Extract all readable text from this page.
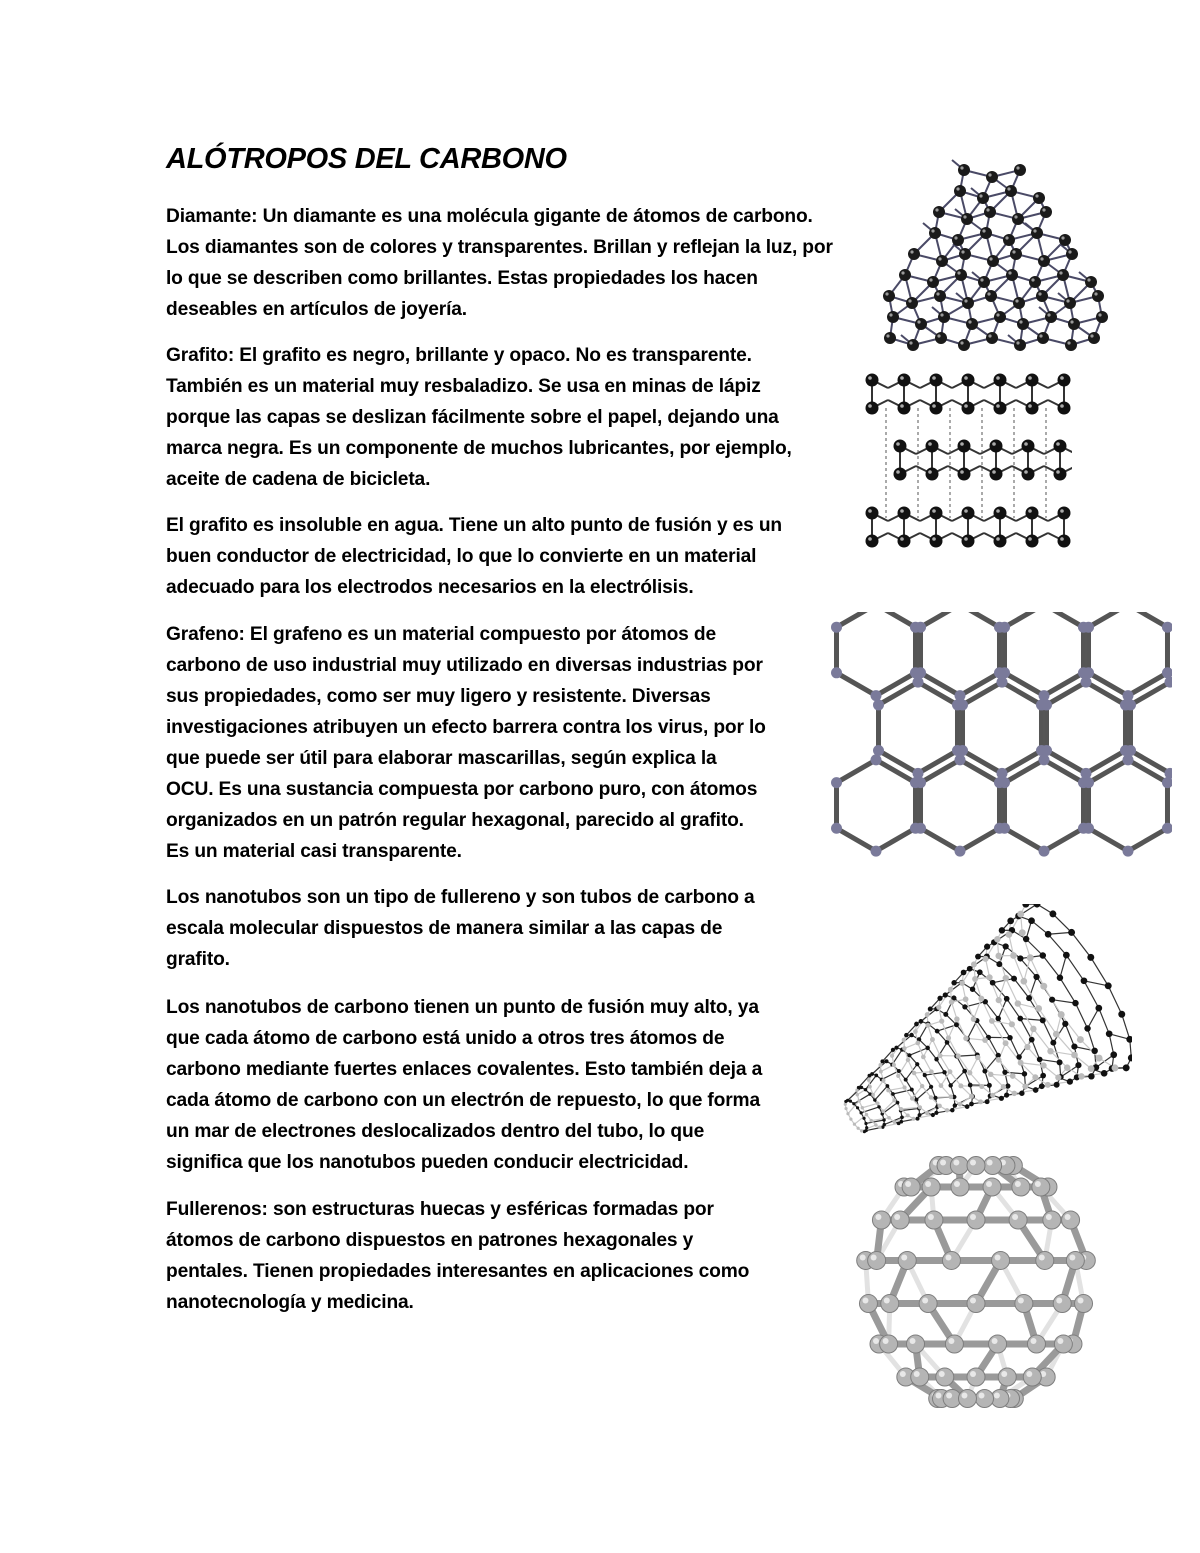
ALÓTROPOS DEL CARBONO
Diamante: Un diamante es una molécula gigante de átomos de carbono.
Los diamantes son de colores y transparentes. Brillan y reflejan la luz, por
lo que se describen como brillantes. Estas propiedades los hacen
deseables en artículos de joyería.
Grafito: El grafito es negro, brillante y opaco. No es transparente.
También es un material muy resbaladizo. Se usa en minas de lápiz
porque las capas se deslizan fácilmente sobre el papel, dejando una
marca negra. Es un componente de muchos lubricantes, por ejemplo,
aceite de cadena de bicicleta.
El grafito es insoluble en agua. Tiene un alto punto de fusión y es un
buen conductor de electricidad, lo que lo convierte en un material
adecuado para los electrodos necesarios en la electrólisis.
Grafeno: El grafeno es un material compuesto por átomos de
carbono de uso industrial muy utilizado en diversas industrias por
sus propiedades, como ser muy ligero y resistente. Diversas
investigaciones atribuyen un efecto barrera contra los virus, por lo
que puede ser útil para elaborar mascarillas, según explica la
OCU. Es una sustancia compuesta por carbono puro, con átomos
organizados en un patrón regular hexagonal, parecido al grafito.
Es un material casi transparente.
Los nanotubos son un tipo de fullereno y son tubos de carbono a
escala molecular dispuestos de manera similar a las capas de
grafito.
Los nanotubos de carbono tienen un punto de fusión muy alto, ya
que cada átomo de carbono está unido a otros tres átomos de
carbono mediante fuertes enlaces covalentes. Esto también deja a
cada átomo de carbono con un electrón de repuesto, lo que forma
un mar de electrones deslocalizados dentro del tubo, lo que
significa que los nanotubos pueden conducir electricidad.
Fullerenos: son estructuras huecas y esféricas formadas por
átomos de carbono dispuestos en patrones hexagonales y
pentales. Tienen propiedades interesantes en aplicaciones como
nanotecnología y medicina.
